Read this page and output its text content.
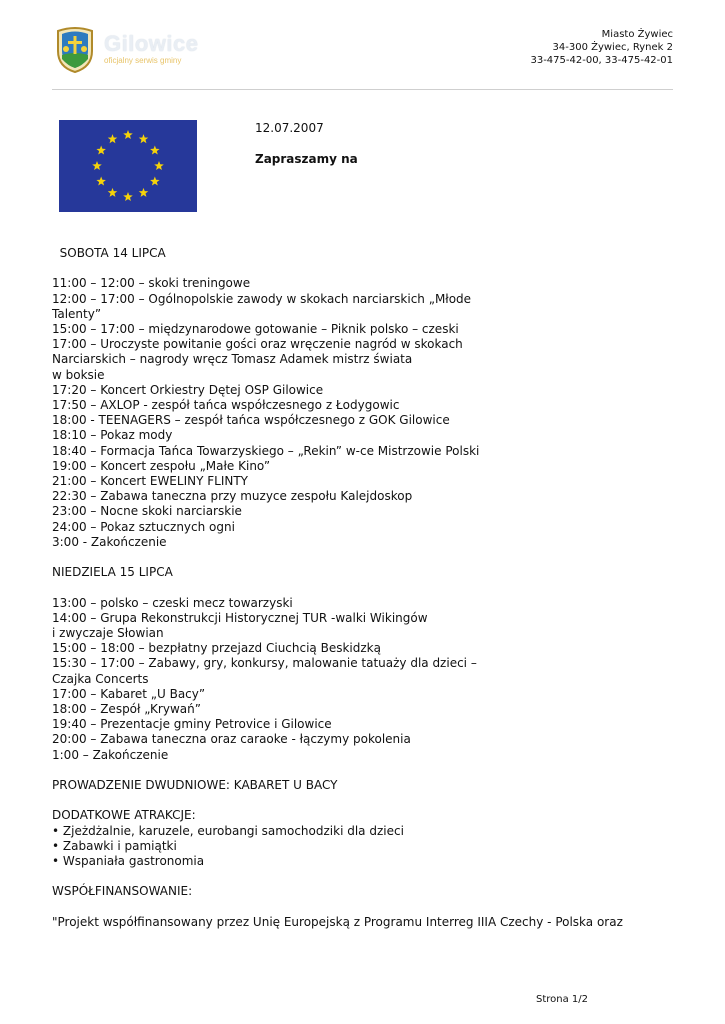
Gilowice
oficjalny serwis gminy
Miasto Żywiec
34-300 Żywiec, Rynek 2
33-475-42-00, 33-475-42-01
12.07.2007
Zapraszamy na
SOBOTA 14 LIPCA
11:00 – 12:00 – skoki treningowe
12:00 – 17:00 – Ogólnopolskie zawody w skokach narciarskich „Młode
Talenty”
15:00 – 17:00 – międzynarodowe gotowanie – Piknik polsko – czeski
17:00 – Uroczyste powitanie gości oraz wręczenie nagród w skokach
Narciarskich – nagrody wręcz Tomasz Adamek mistrz świata
w boksie
17:20 – Koncert Orkiestry Dętej OSP Gilowice
17:50 – AXLOP - zespół tańca współczesnego z Łodygowic
18:00 - TEENAGERS – zespół tańca współczesnego z GOK Gilowice
18:10 – Pokaz mody
18:40 – Formacja Tańca Towarzyskiego – „Rekin” w-ce Mistrzowie Polski
19:00 – Koncert zespołu „Małe Kino”
21:00 – Koncert EWELINY FLINTY
22:30 – Zabawa taneczna przy muzyce zespołu Kalejdoskop
23:00 – Nocne skoki narciarskie
24:00 – Pokaz sztucznych ogni
3:00 - Zakończenie
NIEDZIELA 15 LIPCA
13:00 – polsko – czeski mecz towarzyski
14:00 – Grupa Rekonstrukcji Historycznej TUR -walki Wikingów
i zwyczaje Słowian
15:00 – 18:00 – bezpłatny przejazd Ciuchcią Beskidzką
15:30 – 17:00 – Zabawy, gry, konkursy, malowanie tatuaży dla dzieci –
Czajka Concerts
17:00 – Kabaret „U Bacy”
18:00 – Zespół „Krywań”
19:40 – Prezentacje gminy Petrovice i Gilowice
20:00 – Zabawa taneczna oraz caraoke - łączymy pokolenia
1:00 – Zakończenie
PROWADZENIE DWUDNIOWE: KABARET U BACY
DODATKOWE ATRAKCJE:
• Zjeżdżalnie, karuzele, eurobangi samochodziki dla dzieci
• Zabawki i pamiątki
• Wspaniała gastronomia
WSPÓŁFINANSOWANIE:
"Projekt współfinansowany przez Unię Europejską z Programu Interreg IIIA Czechy - Polska oraz
Strona 1/2
